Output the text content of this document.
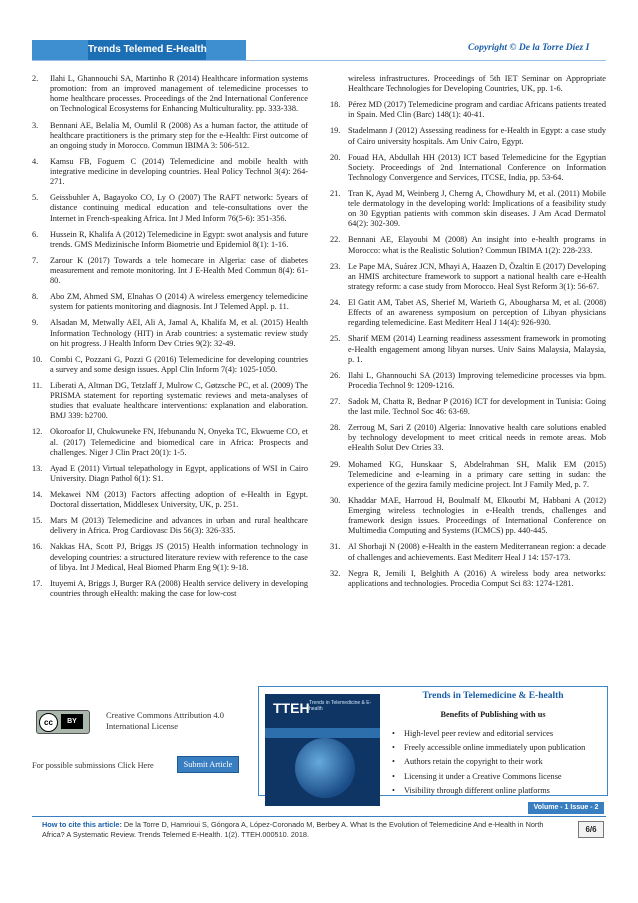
Trends Telemed E-Health	Copyright © De la Torre Díez I
2.	Ilahi L, Ghannouchi SA, Martinho R (2014) Healthcare information systems promotion: from an improved management of telemedicine processes to home healthcare processes. Proceedings of the 2nd International Conference on Technological Ecosystems for Enhancing Multiculturality. pp. 333-338.
3.	Bennani AE, Belalia M, Oumlil R (2008) As a human factor, the attitude of healthcare practitioners is the primary step for the e-Health: First outcome of an ongoing study in Morocco. Commun IBIMA 3: 506-512.
4.	Kamsu FB, Foguem C (2014) Telemedicine and mobile health with integrative medicine in developing countries. Heal Policy Technol 3(4): 264-271.
5.	Geissbuhler A, Bagayoko CO, Ly O (2007) The RAFT network: 5years of distance continuing medical education and tele-consultations over the Internet in French-speaking Africa. Int J Med Inform 76(5-6): 351-356.
6.	Hussein R, Khalifa A (2012) Telemedicine in Egypt: swot analysis and future trends. GMS Medizinische Inform Biometrie und Epidemiol 8(1): 1-16.
7.	Zarour K (2017) Towards a tele homecare in Algeria: case of diabetes measurement and remote monitoring. Int J E-Health Med Commun 8(4): 61-80.
8.	Abo ZM, Ahmed SM, Elnahas O (2014) A wireless emergency telemedicine system for patients monitoring and diagnosis. Int J Telemed Appl. p. 11.
9.	Alsadan M, Metwally AEI, Ali A, Jamal A, Khalifa M, et al. (2015) Health Information Technology (HIT) in Arab countries: a systematic review study on hit progress. J Health Inform Dev Ctries 9(2): 32-49.
10. Combi C, Pozzani G, Pozzi G (2016) Telemedicine for developing countries a survey and some design issues. Appl Clin Inform 7(4): 1025-1050.
11. Liberati A, Altman DG, Tetzlaff J, Mulrow C, Gøtzsche PC, et al. (2009) The PRISMA statement for reporting systematic reviews and meta-analyses of studies that evaluate healthcare interventions: explanation and elaboration. BMJ 339: b2700.
12. Okoroafor IJ, Chukwuneke FN, Ifebunandu N, Onyeka TC, Ekwueme CO, et al. (2017) Telemedicine and biomedical care in Africa: Prospects and challenges. Niger J Clin Pract 20(1): 1-5.
13. Ayad E (2011) Virtual telepathology in Egypt, applications of WSI in Cairo University. Diagn Pathol 6(1): S1.
14. Mekawei NM (2013) Factors affecting adoption of e-Health in Egypt. Doctoral dissertation, Middlesex University, UK, p. 251.
15. Mars M (2013) Telemedicine and advances in urban and rural healthcare delivery in Africa. Prog Cardiovasc Dis 56(3): 326-335.
16. Nakkas HA, Scott PJ, Briggs JS (2015) Health information technology in developing countries: a structured literature review with reference to the case of libya. Int J Medical, Heal Biomed Pharm Eng 9(1): 9-18.
17. Ituyemi A, Briggs J, Burger RA (2008) Health service delivery in developing countries through eHealth: making the case for low-cost
wireless infrastructures. Proceedings of 5th IET Seminar on Appropriate Healthcare Technologies for Developing Countries, UK, pp. 1-6.
18. Pérez MD (2017) Telemedicine program and cardiac Africans patients treated in Spain. Med Clin (Barc) 148(1): 40-41.
19. Stadelmann J (2012) Assessing readiness for e-Health in Egypt: a case study of Cairo university hospitals. Am Univ Cairo, Egypt.
20. Fouad HA, Abdullah HH (2013) ICT based Telemedicine for the Egyptian Society. Proceedings of 2nd International Conference on Information Technology Convergence and Services, ITCSE, India, pp. 53-64.
21. Tran K, Ayad M, Weinberg J, Cherng A, Chowdhury M, et al. (2011) Mobile tele dermatology in the developing world: Implications of a feasibility study on 30 Egyptian patients with common skin diseases. J Am Acad Dermatol 64(2): 302-309.
22. Bennani AE, Elayoubi M (2008) An insight into e-health programs in Morocco: what is the Realistic Solution? Commun IBIMA 1(2): 228-233.
23. Le Pape MA, Suárez JCN, Mhayi A, Haazen D, Özaltin E (2017) Developing an HMIS architecture framework to support a national health care e-Health strategy reform: a case study from Morocco. Heal Syst Reform 3(1): 56-67.
24. El Gatit AM, Tabet AS, Sherief M, Warieth G, Abougharsa M, et al. (2008) Effects of an awareness symposium on perception of Libyan physicians regarding telemedicine. East Mediterr Heal J 14(4): 926-930.
25. Sharif MEM (2014) Learning readiness assessment framework in promoting e-Health engagement among libyan nurses. Univ Sains Malaysia, Malaysia, p. 1.
26. Ilahi L, Ghannouchi SA (2013) Improving telemedicine processes via bpm. Procedia Technol 9: 1209-1216.
27. Sadok M, Chatta R, Bednar P (2016) ICT for development in Tunisia: Going the last mile. Technol Soc 46: 63-69.
28. Zerroug M, Sari Z (2010) Algeria: Innovative health care solutions enabled by technology development to meet critical needs in remote areas. Mob eHealth Solut Dev Ctries 33.
29. Mohamed KG, Hunskaar S, Abdelrahman SH, Malik EM (2015) Telemedicine and e-learning in a primary care setting in sudan: the experience of the gezira family medicine project. Int J Family Med, p. 7.
30. Khaddar MAE, Harroud H, Boulmalf M, Elkoutbi M, Habbani A (2012) Emerging wireless technologies in e-Health trends, challenges and framework design issues. Proceedings of International Conference on Multimedia Computing and Systems (ICMCS) pp. 440-445.
31. Al Shorbaji N (2008) e-Health in the eastern Mediterranean region: a decade of challenges and achievements. East Mediterr Heal J 14: 157-173.
32. Negra R, Jemili I, Belghith A (2016) A wireless body area networks: applications and technologies. Procedia Comput Sci 83: 1274-1281.
cc	BY
Creative Commons Attribution 4.0 International License
For possible submissions Click Here	Submit Article
TTEH Trends in Telemedicine & E-health
Trends in Telemedicine & E-health
Benefits of Publishing with us
• High-level peer review and editorial services
• Freely accessible online immediately upon publication
• Authors retain the copyright to their work
• Licensing it under a Creative Commons license
• Visibility through different online platforms
Volume - 1 Issue - 2
How to cite this article: De la Torre D, Hamrioui S, Góngora A, López-Coronado M, Berbey A. What Is the Evolution of Telemedicine And e-Health in North Africa? A Systematic Review. Trends Telemed E-Health. 1(2). TTEH.000510. 2018.	6/6
